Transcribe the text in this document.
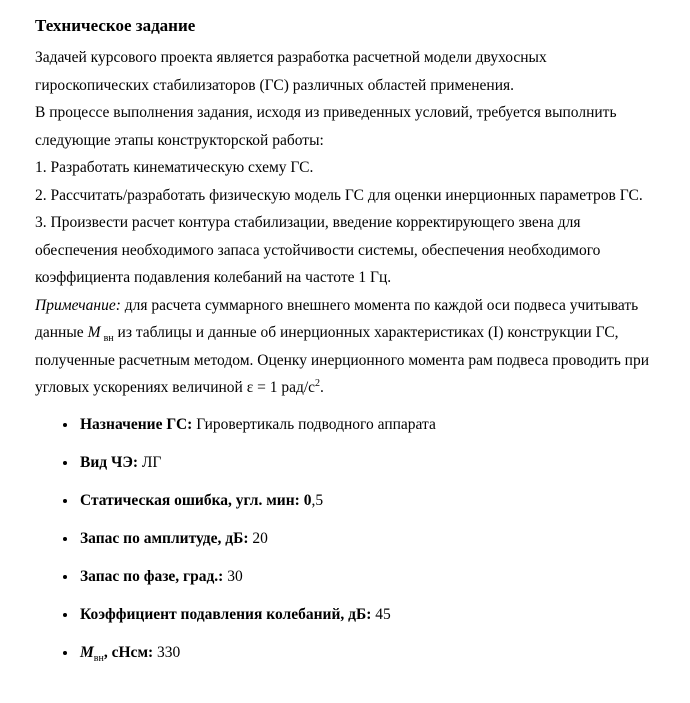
Техническое задание

Задачей курсового проекта является разработка расчетной модели двухосных гироскопических стабилизаторов (ГС) различных областей применения.

В процессе выполнения задания, исходя из приведенных условий, требуется выполнить следующие этапы конструкторской работы:

1. Разработать кинематическую схему ГС.

2. Рассчитать/разработать физическую модель ГС для оценки инерционных параметров ГС.

3. Произвести расчет контура стабилизации, введение корректирующего звена для обеспечения необходимого запаса устойчивости системы, обеспечения необходимого коэффициента подавления колебаний на частоте 1 Гц.

Примечание: для расчета суммарного внешнего момента по каждой оси подвеса учитывать данные М $_{вн}$ из таблицы и данные об инерционных характеристиках (I) конструкции ГС, полученные расчетным методом. Оценку инерционного момента рам подвеса проводить при угловых ускорениях величиной ε = 1 рад/$с^2$.

• Назначение ГС: Гировертикаль подводного аппарата
• Вид ЧЭ: ЛГ
• Статическая ошибка, угл. мин: 0,5
• Запас по амплитуде, дБ: 20
• Запас по фазе, град.: 30
• Коэффициент подавления колебаний, дБ: 45
• $М_{вн}$, сНсм: 330
